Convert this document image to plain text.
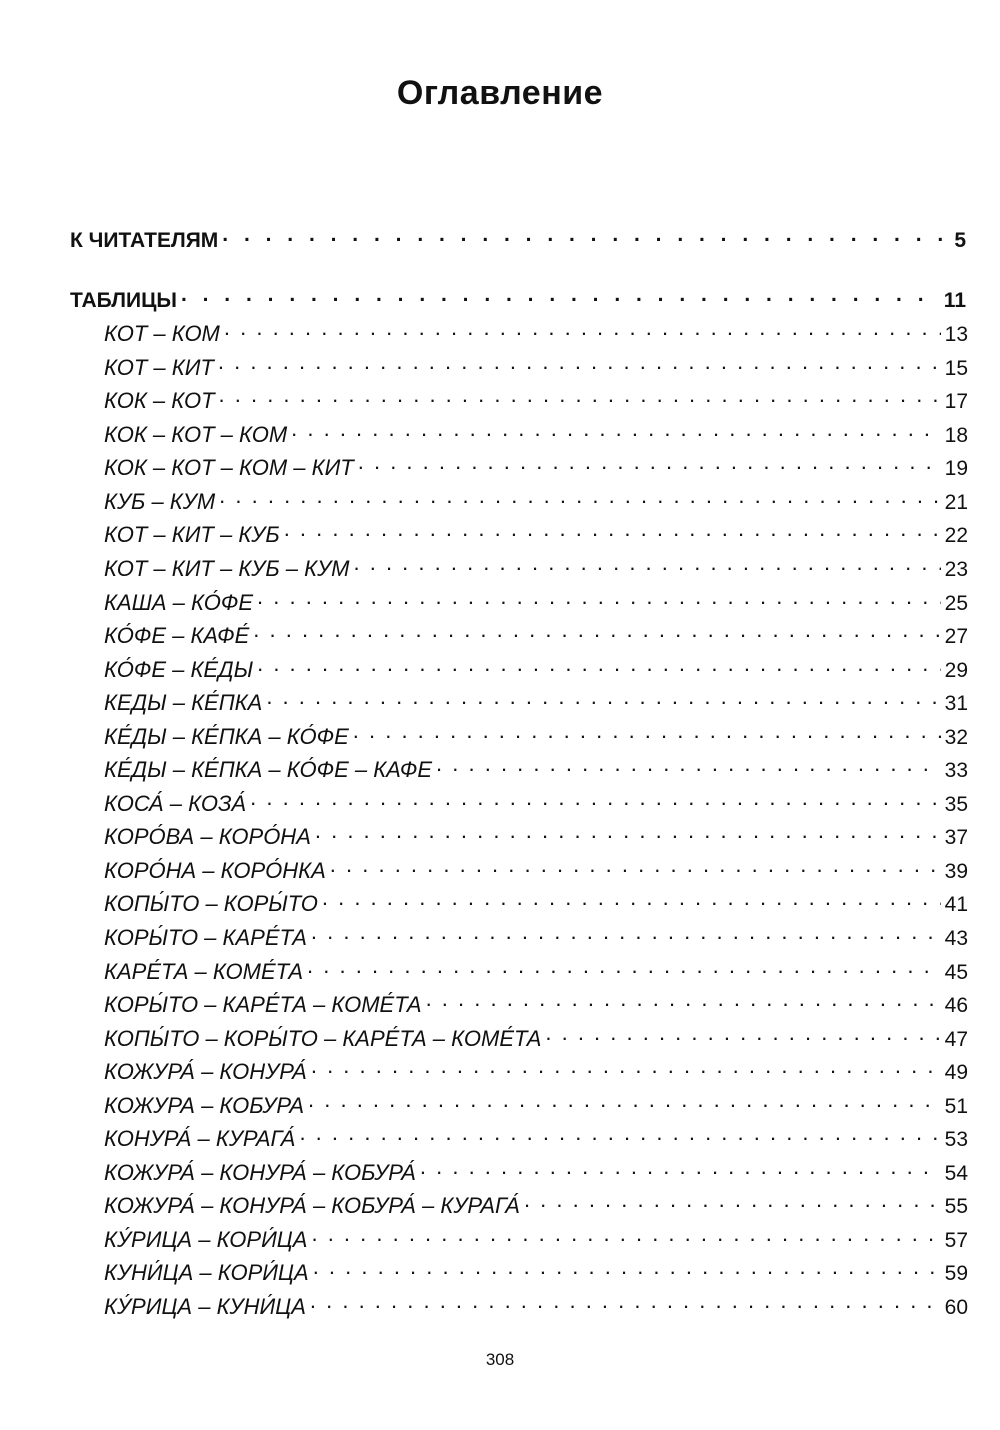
Оглавление
К ЧИТАТЕЛЯМ . . .	5
ТАБЛИЦЫ . . .	11
КОТ – КОМ . . .	13
КОТ – КИТ . . .	15
КОК – КОТ . . .	17
КОК – КОТ – КОМ . . .	18
КОК – КОТ – КОМ – КИТ . . .	19
КУБ – КУМ . . .	21
КОТ – КИТ – КУБ . . .	22
КОТ – КИТ – КУБ – КУМ . . .	23
КАША – КО́ФЕ . . .	25
КО́ФЕ – КАФЕ́ . . .	27
КО́ФЕ – КЕ́ДЫ . . .	29
КЕДЫ – КЕ́ПКА . . .	31
КЕ́ДЫ – КЕ́ПКА – КО́ФЕ . . .	32
КЕ́ДЫ – КЕ́ПКА – КО́ФЕ – КАФЕ . . .	33
КОСА́ – КОЗА́ . . .	35
КОРО́ВА – КОРО́НА . . .	37
КОРО́НА – КОРО́НКА . . .	39
КОПЫ́ТО – КОРЫ́ТО . . .	41
КОРЫ́ТО – КАРЕ́ТА . . .	43
КАРЕ́ТА – КОМЕ́ТА . . .	45
КОРЫ́ТО – КАРЕ́ТА – КОМЕ́ТА . . .	46
КОПЫ́ТО – КОРЫ́ТО – КАРЕ́ТА – КОМЕ́ТА . . .	47
КОЖУРА́ – КОНУРА́ . . .	49
КОЖУРА – КОБУРА . . .	51
КОНУРА́ – КУРАГА́ . . .	53
КОЖУРА́ – КОНУРА́ – КОБУРА́ . . .	54
КОЖУРА́ – КОНУРА́ – КОБУРА́ – КУРАГА́ . . .	55
КУ́РИЦА – КОРИ́ЦА . . .	57
КУНИ́ЦА – КОРИ́ЦА . . .	59
КУ́РИЦА – КУНИ́ЦА . . .	60
308
